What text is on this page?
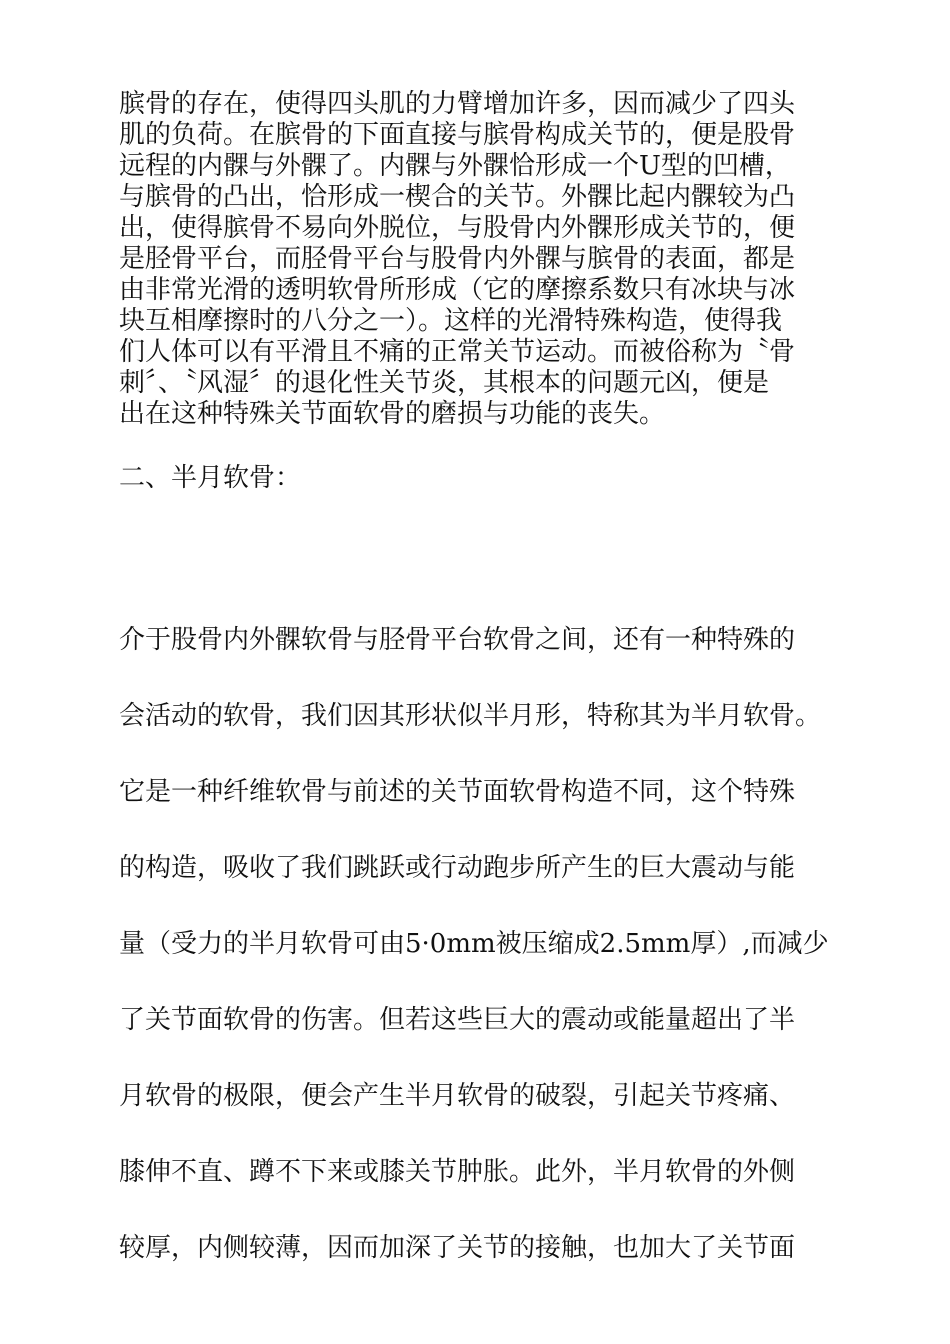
膑骨的存在，使得四头肌的力臂增加许多，因而减少了四头
肌的负荷。在膑骨的下面直接与膑骨构成关节的，便是股骨
远程的内髁与外髁了。内髁与外髁恰形成一个U型的凹槽，
与膑骨的凸出，恰形成一楔合的关节。外髁比起内髁较为凸
出，使得膑骨不易向外脱位，与股骨内外髁形成关节的，便
是胫骨平台，而胫骨平台与股骨内外髁与膑骨的表面，都是
由非常光滑的透明软骨所形成（它的摩擦系数只有冰块与冰
块互相摩擦时的八分之一）。这样的光滑特殊构造，使得我
们人体可以有平滑且不痛的正常关节运动。而被俗称为〝骨
刺〞、〝风湿〞的退化性关节炎，其根本的问题元凶，便是
出在这种特殊关节面软骨的磨损与功能的丧失。
二、半月软骨：
介于股骨内外髁软骨与胫骨平台软骨之间，还有一种特殊的
会活动的软骨，我们因其形状似半月形，特称其为半月软骨。
它是一种纤维软骨与前述的关节面软骨构造不同，这个特殊
的构造，吸收了我们跳跃或行动跑步所产生的巨大震动与能
量（受力的半月软骨可由5·0mm被压缩成2.5mm厚）,而减少
了关节面软骨的伤害。但若这些巨大的震动或能量超出了半
月软骨的极限，便会产生半月软骨的破裂，引起关节疼痛、
膝伸不直、蹲不下来或膝关节肿胀。此外，半月软骨的外侧
较厚，内侧较薄，因而加深了关节的接触，也加大了关节面
